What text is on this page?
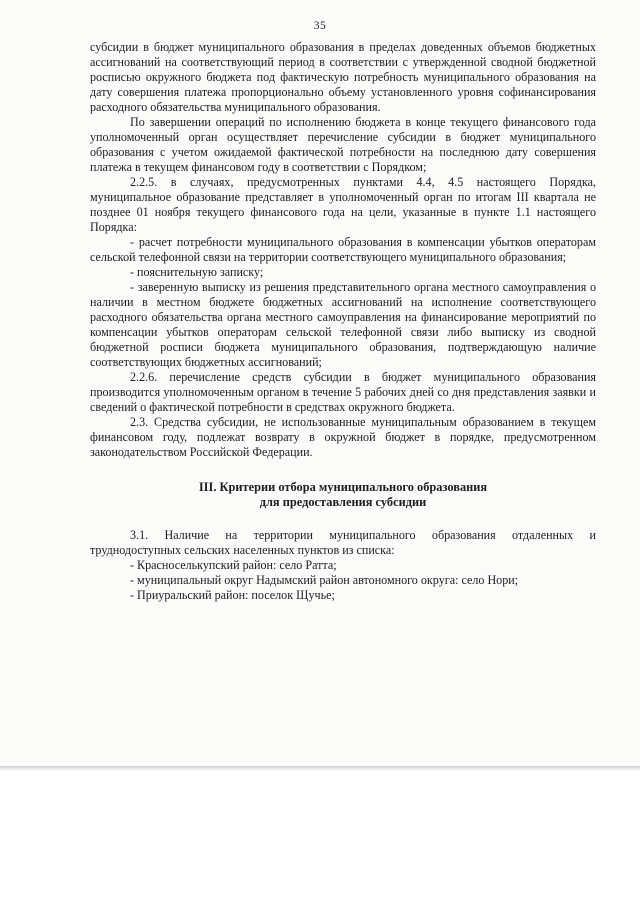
35

субсидии в бюджет муниципального образования в пределах доведенных объемов бюджетных ассигнований на соответствующий период в соответствии с утвержденной сводной бюджетной росписью окружного бюджета под фактическую потребность муниципального образования на дату совершения платежа пропорционально объему установленного уровня софинансирования расходного обязательства муниципального образования.

По завершении операций по исполнению бюджета в конце текущего финансового года уполномоченный орган осуществляет перечисление субсидии в бюджет муниципального образования с учетом ожидаемой фактической потребности на последнюю дату совершения платежа в текущем финансовом году в соответствии с Порядком;

2.2.5. в случаях, предусмотренных пунктами 4.4, 4.5 настоящего Порядка, муниципальное образование представляет в уполномоченный орган по итогам III квартала не позднее 01 ноября текущего финансового года на цели, указанные в пункте 1.1 настоящего Порядка:

- расчет потребности муниципального образования в компенсации убытков операторам сельской телефонной связи на территории соответствующего муниципального образования;

- пояснительную записку;

- заверенную выписку из решения представительного органа местного самоуправления о наличии в местном бюджете бюджетных ассигнований на исполнение соответствующего расходного обязательства органа местного самоуправления на финансирование мероприятий по компенсации убытков операторам сельской телефонной связи либо выписку из сводной бюджетной росписи бюджета муниципального образования, подтверждающую наличие соответствующих бюджетных ассигнований;

2.2.6. перечисление средств субсидии в бюджет муниципального образования производится уполномоченным органом в течение 5 рабочих дней со дня представления заявки и сведений о фактической потребности в средствах окружного бюджета.

2.3. Средства субсидии, не использованные муниципальным образованием в текущем финансовом году, подлежат возврату в окружной бюджет в порядке, предусмотренном законодательством Российской Федерации.

III. Критерии отбора муниципального образования
для предоставления субсидии

3.1. Наличие на территории муниципального образования отдаленных и труднодоступных сельских населенных пунктов из списка:

- Красноселькупский район: село Ратта;

- муниципальный округ Надымский район автономного округа: село Нори;

- Приуральский район: поселок Щучье;
